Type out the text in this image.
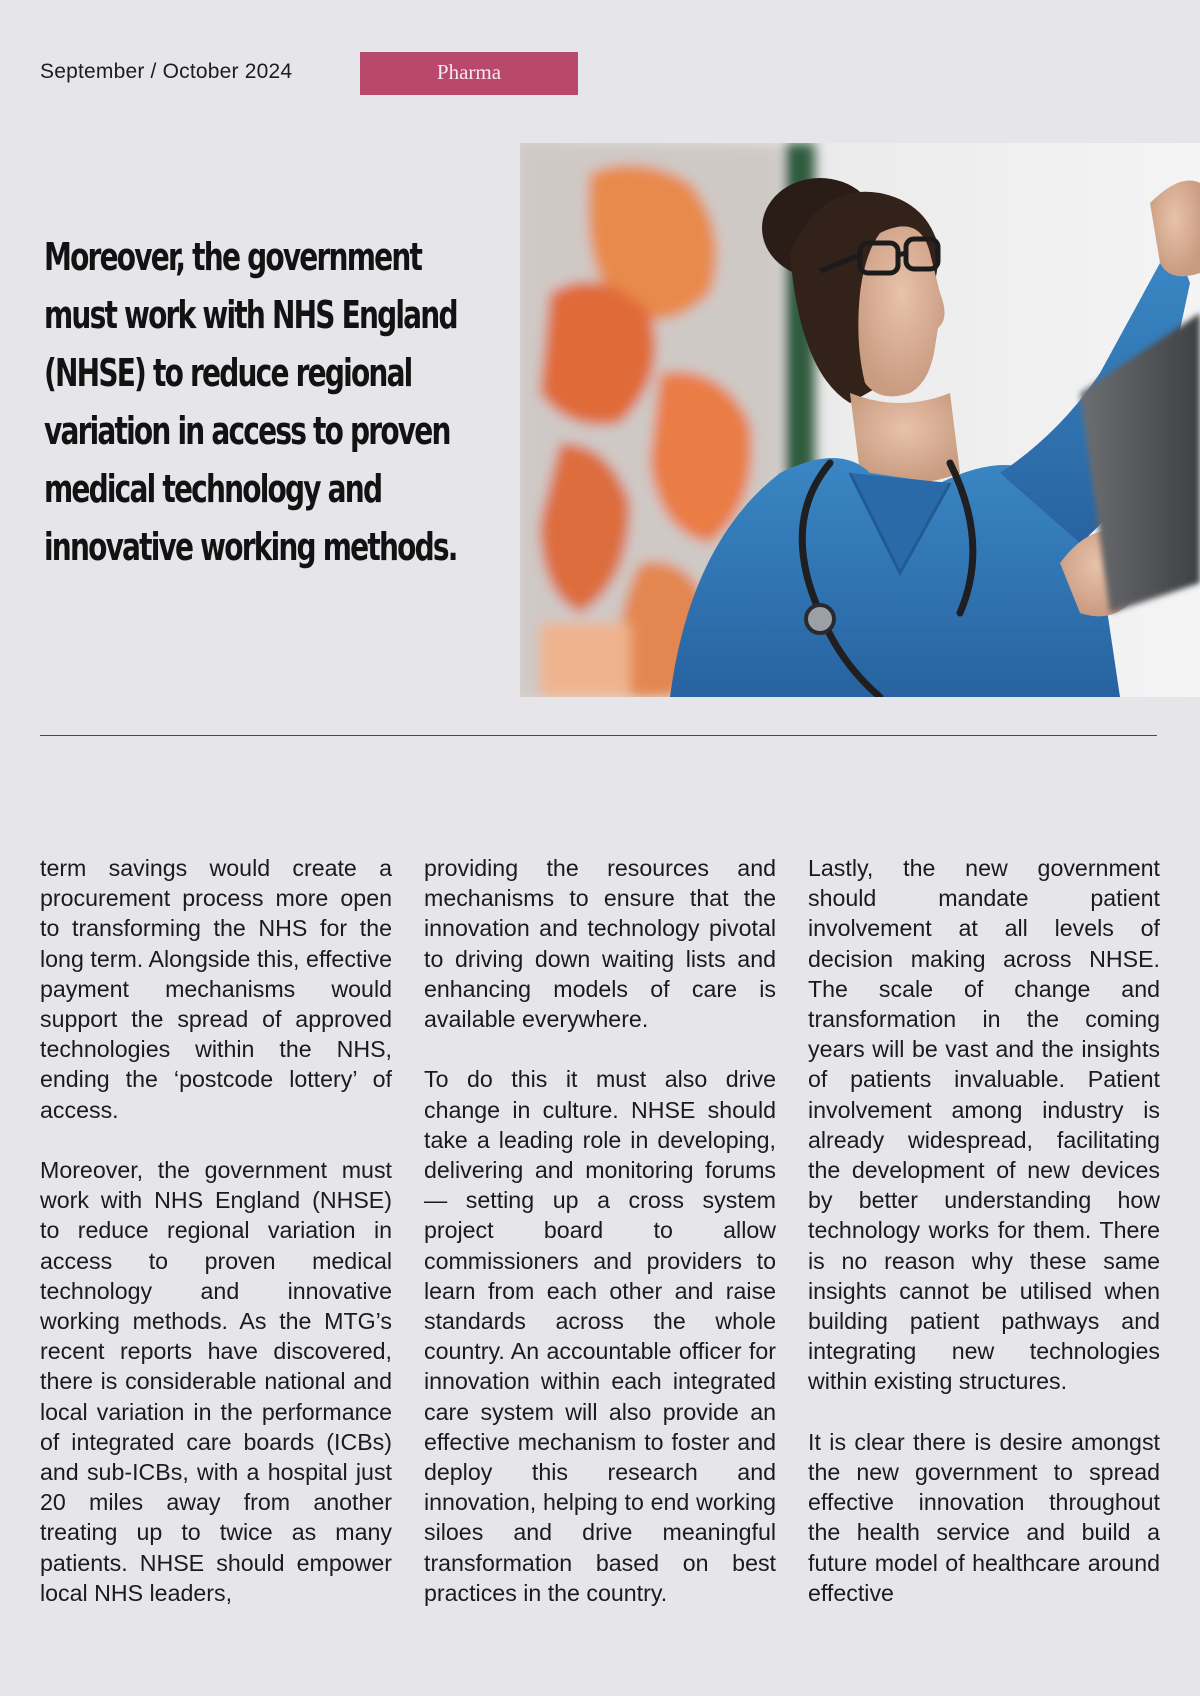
September / October 2024	Pharma
Moreover, the government must work with NHS England (NHSE) to reduce regional variation in access to proven medical technology and innovative working methods.

term savings would create a procurement process more open to transforming the NHS for the long term. Alongside this, effective payment mechanisms would support the spread of approved technologies within the NHS, ending the ‘postcode lottery’ of access.

Moreover, the government must work with NHS England (NHSE) to reduce regional variation in access to proven medical technology and innovative working methods. As the MTG’s recent reports have discovered, there is considerable national and local variation in the performance of integrated care boards (ICBs) and sub-ICBs, with a hospital just 20 miles away from another treating up to twice as many patients. NHSE should empower local NHS leaders,

providing the resources and mechanisms to ensure that the innovation and technology pivotal to driving down waiting lists and enhancing models of care is available everywhere.

To do this it must also drive change in culture. NHSE should take a leading role in developing, delivering and monitoring forums — setting up a cross system project board to allow commissioners and providers to learn from each other and raise standards across the whole country. An accountable officer for innovation within each integrated care system will also provide an effective mechanism to foster and deploy this research and innovation, helping to end working siloes and drive meaningful transformation based on best practices in the country.

Lastly, the new government should mandate patient involvement at all levels of decision making across NHSE. The scale of change and transformation in the coming years will be vast and the insights of patients invaluable. Patient involvement among industry is already widespread, facilitating the development of new devices by better understanding how technology works for them. There is no reason why these same insights cannot be utilised when building patient pathways and integrating new technologies within existing structures.

It is clear there is desire amongst the new government to spread effective innovation throughout the health service and build a future model of healthcare around effective
